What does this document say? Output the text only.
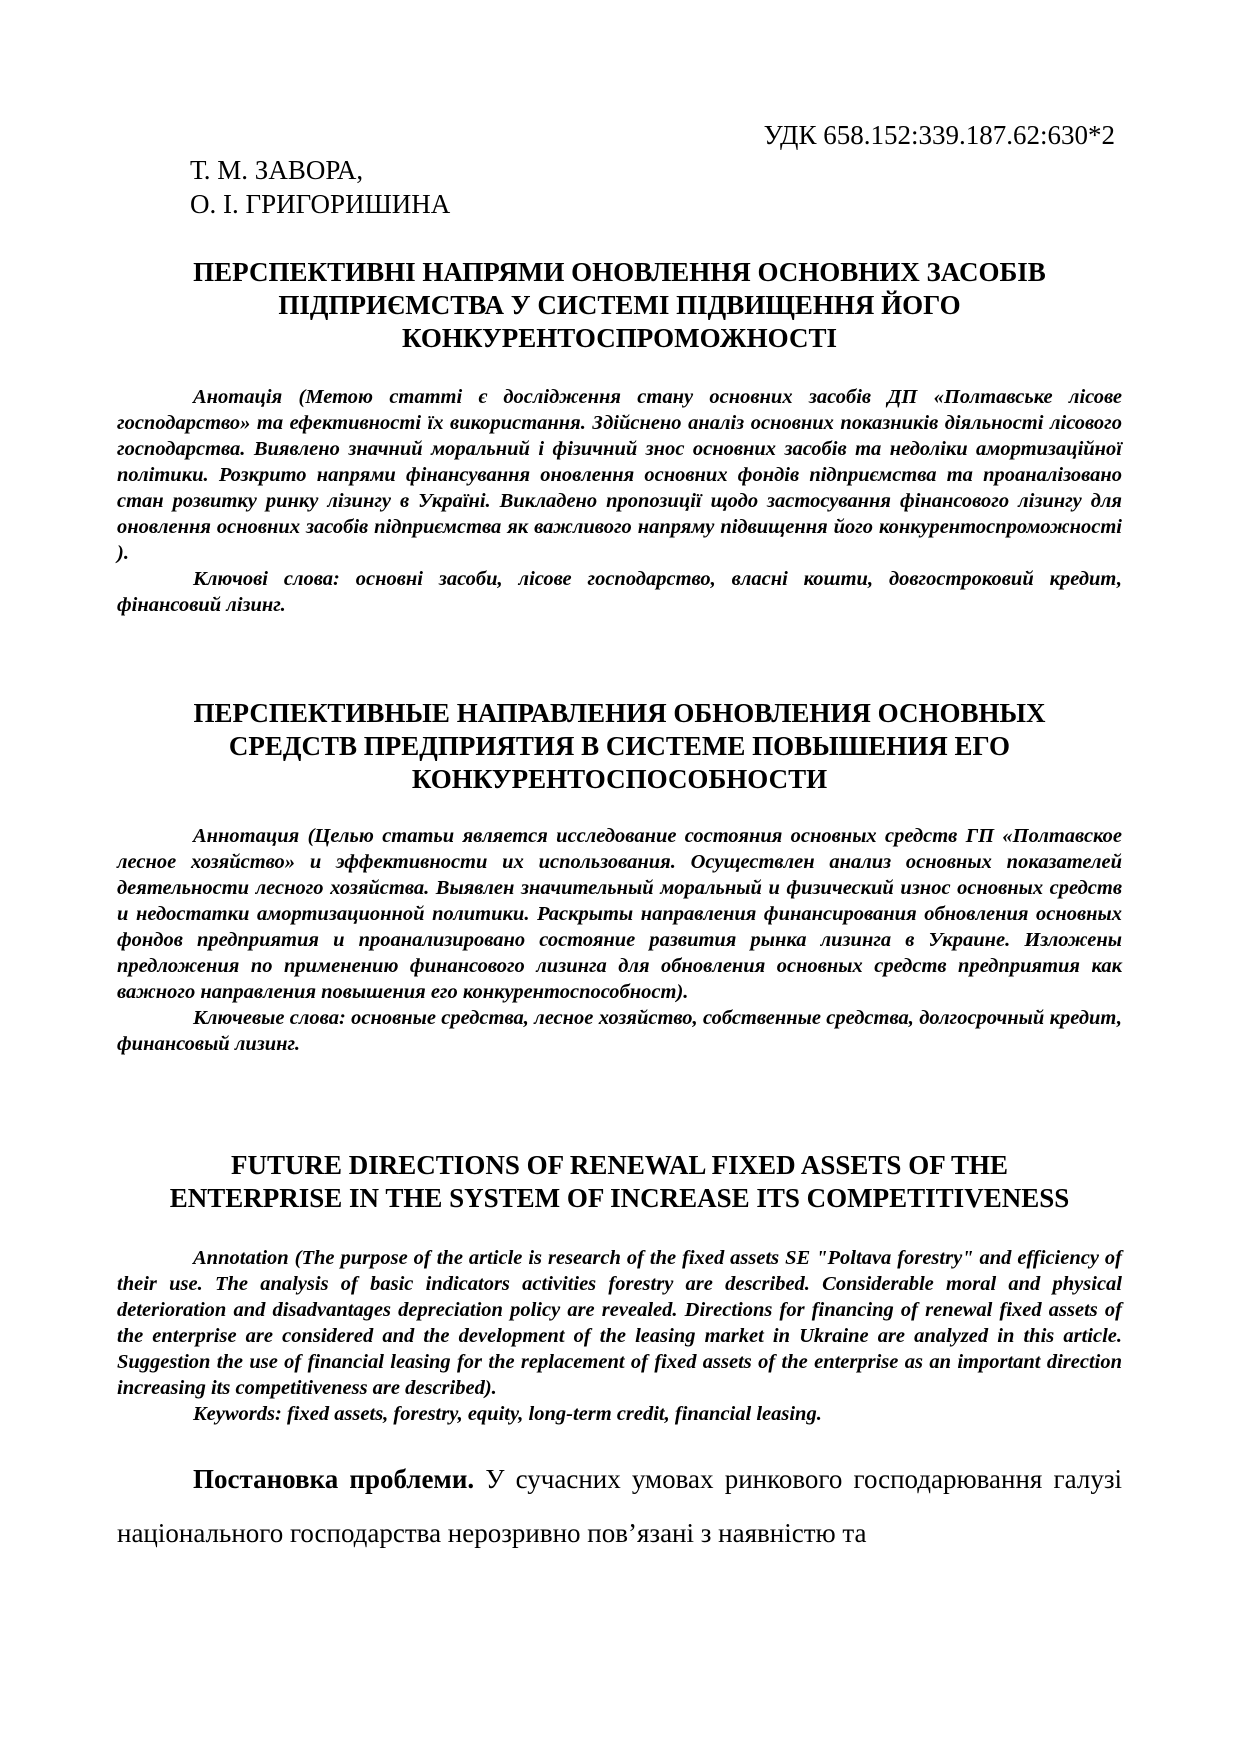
УДК 658.152:339.187.62:630*2
Т. М. ЗАВОРА,
О. І. ГРИГОРИШИНА
ПЕРСПЕКТИВНІ НАПРЯМИ ОНОВЛЕННЯ ОСНОВНИХ ЗАСОБІВ
ПІДПРИЄМСТВА У СИСТЕМІ ПІДВИЩЕННЯ ЙОГО
КОНКУРЕНТОСПРОМОЖНОСТІ

Анотація (Метою статті є дослідження стану основних засобів ДП «Полтавське лісове господарство» та ефективності їх використання. Здійснено аналіз основних показників діяльності лісового господарства. Виявлено значний моральний і фізичний знос основних засобів та недоліки амортизаційної політики. Розкрито напрями фінансування оновлення основних фондів підприємства та проаналізовано стан розвитку ринку лізингу в Україні. Викладено пропозиції щодо застосування фінансового лізингу для оновлення основних засобів підприємства як важливого напряму підвищення його конкурентоспроможності ).

Ключові слова: основні засоби, лісове господарство, власні кошти, довгостроковий кредит, фінансовий лізинг.

ПЕРСПЕКТИВНЫЕ НАПРАВЛЕНИЯ ОБНОВЛЕНИЯ ОСНОВНЫХ
СРЕДСТВ ПРЕДПРИЯТИЯ В СИСТЕМЕ ПОВЫШЕНИЯ ЕГО
КОНКУРЕНТОСПОСОБНОСТИ

Аннотация (Целью статьи является исследование состояния основных средств ГП «Полтавское лесное хозяйство» и эффективности их использования. Осуществлен анализ основных показателей деятельности лесного хозяйства. Выявлен значительный моральный и физический износ основных средств и недостатки амортизационной политики. Раскрыты направления финансирования обновления основных фондов предприятия и проанализировано состояние развития рынка лизинга в Украине. Изложены предложения по применению финансового лизинга для обновления основных средств предприятия как важного направления повышения его конкурентоспособност).

Ключевые слова: основные средства, лесное хозяйство, собственные средства, долгосрочный кредит, финансовый лизинг.

FUTURE DIRECTIONS OF RENEWAL FIXED ASSETS OF THE
ENTERPRISE IN THE SYSTEM OF INCREASE ITS COMPETITIVENESS

Annotation (The purpose of the article is research of the fixed assets SE "Poltava forestry" and efficiency of their use. The analysis of basic indicators activities forestry are described. Considerable moral and physical deterioration and disadvantages depreciation policy are revealed. Directions for financing of renewal fixed assets of the enterprise are considered and the development of the leasing market in Ukraine are analyzed in this article. Suggestion the use of financial leasing for the replacement of fixed assets of the enterprise as an important direction increasing its competitiveness are described).

Keywords: fixed assets, forestry, equity, long-term credit, financial leasing.

Постановка проблеми. У сучасних умовах ринкового господарювання галузі національного господарства нерозривно пов’язані з наявністю та
